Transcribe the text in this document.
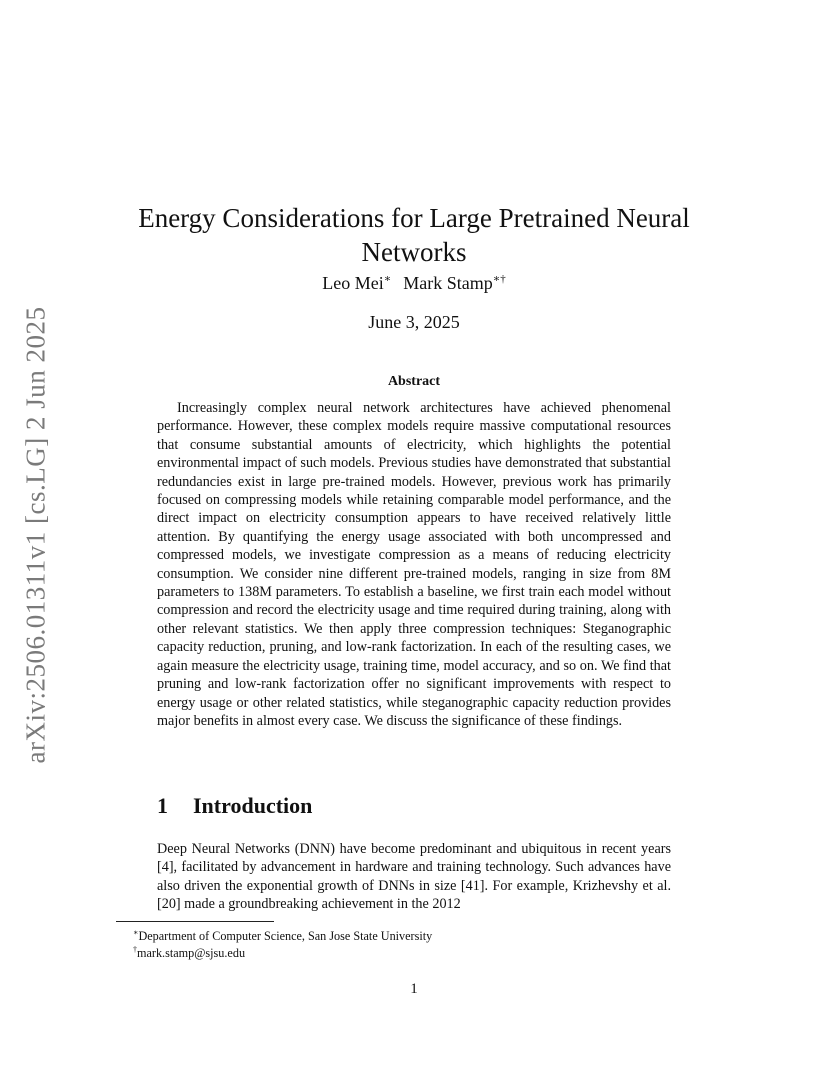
arXiv:2506.01311v1 [cs.LG] 2 Jun 2025
Energy Considerations for Large Pretrained Neural Networks
Leo Mei∗ Mark Stamp∗†
June 3, 2025
Abstract

Increasingly complex neural network architectures have achieved phenomenal performance. However, these complex models require massive computational resources that consume substantial amounts of electricity, which highlights the potential environmental impact of such models. Previous studies have demonstrated that substantial redundancies exist in large pre-trained models. However, previous work has primarily focused on compressing models while retaining comparable model performance, and the direct impact on electricity consumption appears to have received relatively little attention. By quantifying the energy usage associated with both uncompressed and compressed models, we investigate compression as a means of reducing electricity consumption. We consider nine different pre-trained models, ranging in size from 8M parameters to 138M parameters. To establish a baseline, we first train each model without compression and record the electricity usage and time required during training, along with other relevant statistics. We then apply three compression techniques: Steganographic capacity reduction, pruning, and low-rank factorization. In each of the resulting cases, we again measure the electricity usage, training time, model accuracy, and so on. We find that pruning and low-rank factorization offer no significant improvements with respect to energy usage or other related statistics, while steganographic capacity reduction provides major benefits in almost every case. We discuss the significance of these findings.

1 Introduction

Deep Neural Networks (DNN) have become predominant and ubiquitous in recent years [4], facilitated by advancement in hardware and training technology. Such advances have also driven the exponential growth of DNNs in size [41]. For example, Krizhevshy et al. [20] made a groundbreaking achievement in the 2012

∗Department of Computer Science, San Jose State University
†mark.stamp@sjsu.edu
1
